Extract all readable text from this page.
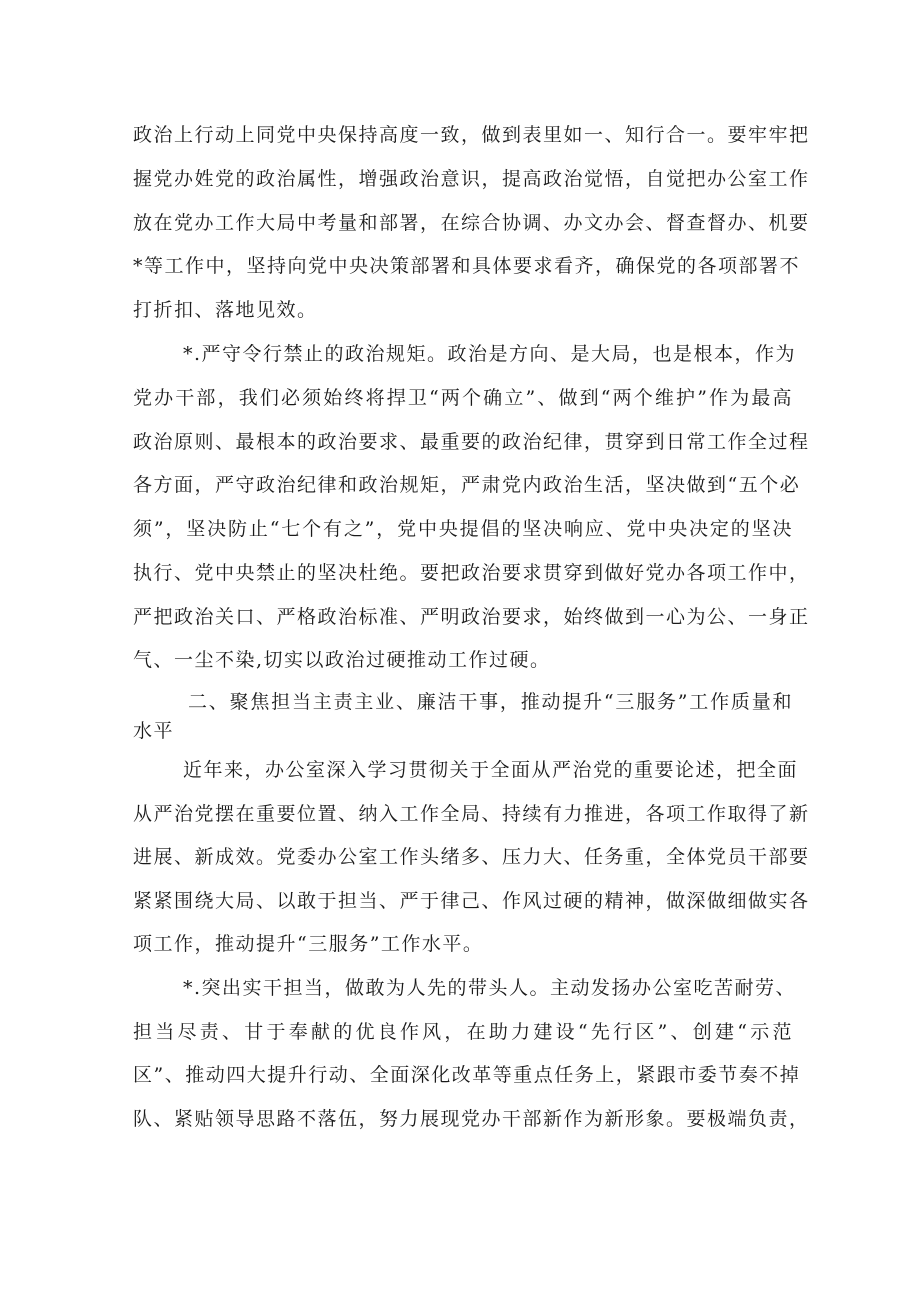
政治上行动上同党中央保持高度一致，做到表里如一、知行合一。要牢牢把
握党办姓党的政治属性，增强政治意识，提高政治觉悟，自觉把办公室工作
放在党办工作大局中考量和部署，在综合协调、办文办会、督查督办、机要
*等工作中，坚持向党中央决策部署和具体要求看齐，确保党的各项部署不
打折扣、落地见效。
*.严守令行禁止的政治规矩。政治是方向、是大局，也是根本，作为
党办干部，我们必须始终将捍卫“两个确立”、做到“两个维护”作为最高
政治原则、最根本的政治要求、最重要的政治纪律，贯穿到日常工作全过程
各方面，严守政治纪律和政治规矩，严肃党内政治生活，坚决做到“五个必
须”，坚决防止“七个有之”，党中央提倡的坚决响应、党中央决定的坚决
执行、党中央禁止的坚决杜绝。要把政治要求贯穿到做好党办各项工作中，
严把政治关口、严格政治标准、严明政治要求，始终做到一心为公、一身正
气、一尘不染,切实以政治过硬推动工作过硬。
二、聚焦担当主责主业、廉洁干事，推动提升“三服务”工作质量和
水平
近年来，办公室深入学习贯彻关于全面从严治党的重要论述，把全面
从严治党摆在重要位置、纳入工作全局、持续有力推进，各项工作取得了新
进展、新成效。党委办公室工作头绪多、压力大、任务重，全体党员干部要
紧紧围绕大局、以敢于担当、严于律己、作风过硬的精神，做深做细做实各
项工作，推动提升“三服务”工作水平。
*.突出实干担当，做敢为人先的带头人。主动发扬办公室吃苦耐劳、
担当尽责、甘于奉献的优良作风，在助力建设“先行区”、创建“示范
区”、推动四大提升行动、全面深化改革等重点任务上，紧跟市委节奏不掉
队、紧贴领导思路不落伍，努力展现党办干部新作为新形象。要极端负责，
